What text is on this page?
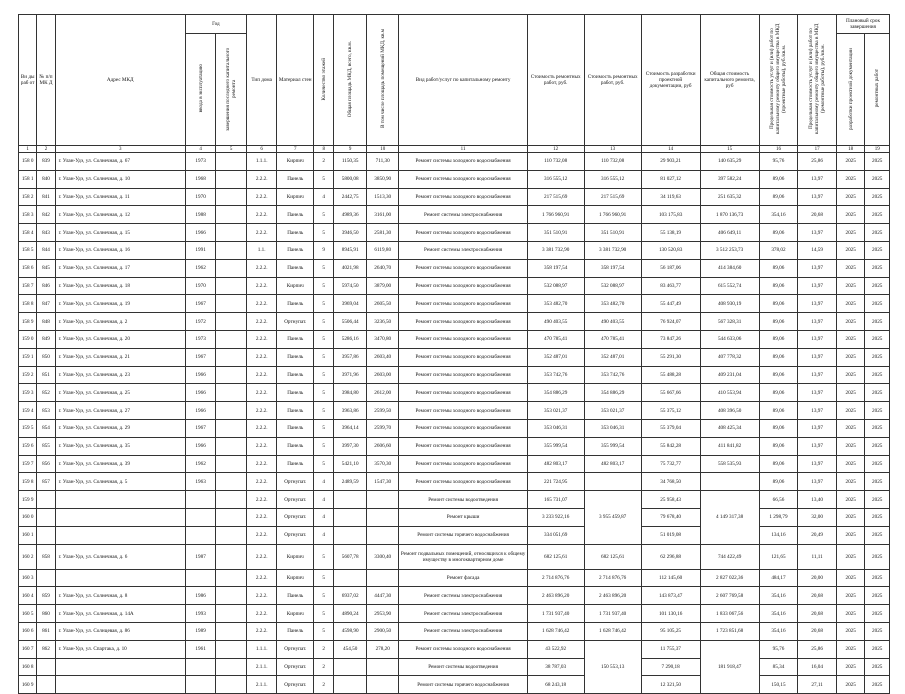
Ви ды раб от	№ п/п МК Д	Адрес МКД	Год		Тип дома	Материал стен	Количество этажей	Общая площадь МКД, всего, кв.м.	В том числе площадь помещений МКД, кв.м	Вид работ/услуг по капитальному ремонту	Стоимость ремонтных работ, руб.	Стоимость ремонтных работ, руб.	Стоимость разработки проектной документации, руб	Общая стоимость капитального ремонта, руб	Предельная стоимость услуг и (или) работ по капитальному ремонту общего имущества в МКД (проектные работы), руб./кв.м.	Предельная стоимость услуг и (или) работ по капитальному ремонту общего имущества в МКД (ремонтные работы), руб./кв.м.	Плановый срок завершения	
			ввода в эксплуатацию	завершения последнего капитального ремонта													разработки проектной документации	ремонтных работ
1	2	3	4	5	6	7	8	9	10	11	12	13	14	15	16	17	18	19
158 0	839	г. Улан-Удэ, ул. Солнечная, д. 67	1973		1.1.1.	Кирпич	2	1150,35	711,30	Ремонт системы холодного водоснабжения	110 732,08	110 732,08	29 903,21	140 635,29	95,76	25,86	2025	2025
158 1	840	г. Улан-Удэ, ул. Солнечная, д. 10	1968		2.2.2.	Панель	5	5800,08	3850,90	Ремонт системы холодного водоснабжения	316 555,12	316 555,12	81 027,12	397 582,24	89,06	13,97	2025	2025
158 2	841	г. Улан-Удэ, ул. Солнечная, д. 11	1970		2.2.2.	Кирпич	4	2442,75	1513,30	Ремонт системы холодного водоснабжения	217 515,69	217 515,69	34 119,63	251 635,32	89,06	13,97	2025	2025
158 3	842	г. Улан-Удэ, ул. Солнечная, д. 12	1988		2.2.2.	Панель	5	4989,36	3161,00	Ремонт системы электроснабжения	1 766 960,91	1 766 960,91	103 175,83	1 870 136,73	354,16	20,68	2025	2025
158 4	843	г. Улан-Удэ, ул. Солнечная, д. 15	1966		2.2.2.	Панель	5	3946,50	2581,30	Ремонт системы холодного водоснабжения	351 510,91	351 510,91	55 138,19	406 649,11	89,06	13,97	2025	2025
158 5	844	г. Улан-Удэ, ул. Солнечная, д. 16	1991		1.1.	Панель	9	8945,91	6119,80	Ремонт системы электроснабжения	3 381 732,90	3 381 732,90	130 520,83	3 512 253,73	378,02	14,59	2025	2025
158 6	845	г. Улан-Удэ, ул. Солнечная, д. 17	1962		2.2.2.	Панель	5	4021,98	2640,70	Ремонт системы холодного водоснабжения	358 197,54	358 197,54	56 187,06	414 384,60	89,06	13,97	2025	2025
158 7	846	г. Улан-Удэ, ул. Солнечная, д. 18	1970		2.2.2.	Кирпич	5	5974,50	3879,00	Ремонт системы холодного водоснабжения	532 088,97	532 088,97	83 463,77	615 552,74	89,06	13,97	2025	2025
158 8	847	г. Улан-Удэ, ул. Солнечная, д. 19	1967		2.2.2.	Панель	5	3969,04	2605,50	Ремонт системы холодного водоснабжения	353 482,70	353 482,70	55 447,49	408 930,19	89,06	13,97	2025	2025
158 9	848	г. Улан-Удэ, ул. Солнечная, д. 2	1972		2.2.2.	Opтнупат.	5	5506,44	3236,50	Ремонт системы холодного водоснабжения	490 403,55	490 403,55	76 924,07	567 328,31	89,06	13,97	2025	2025
159 0	849	г. Улан-Удэ, ул. Солнечная, д. 20	1973		2.2.2.	Панель	5	5286,16	3470,80	Ремонт системы холодного водоснабжения	470 785,41	470 785,41	73 847,26	544 633,06	89,06	13,97	2025	2025
159 1	850	г. Улан-Удэ, ул. Солнечная, д. 21	1967		2.2.2.	Панель	5	3957,86	2603,40	Ремонт системы холодного водоснабжения	352 487,01	352 487,01	55 291,30	407 778,32	89,06	13,97	2025	2025
159 2	851	г. Улан-Удэ, ул. Солнечная, д. 23	1966		2.2.2.	Панель	5	3971,96	2603,00	Ремонт системы холодного водоснабжения	353 742,76	353 742,76	55 488,28	409 231,04	89,06	13,97	2025	2025
159 3	852	г. Улан-Удэ, ул. Солнечная, д. 25	1966		2.2.2.	Панель	5	3984,80	2612,00	Ремонт системы холодного водоснабжения	354 886,29	354 886,29	55 667,66	410 553,94	89,06	13,97	2025	2025
159 4	853	г. Улан-Удэ, ул. Солнечная, д. 27	1966		2.2.2.	Панель	5	3963,86	2599,50	Ремонт системы холодного водоснабжения	353 021,37	353 021,37	55 375,12	408 396,50	89,06	13,97	2025	2025
159 5	854	г. Улан-Удэ, ул. Солнечная, д. 29	1967		2.2.2.	Панель	5	3964,14	2599,70	Ремонт системы холодного водоснабжения	353 046,31	353 046,31	55 379,04	408 425,34	89,06	13,97	2025	2025
159 6	855	г. Улан-Удэ, ул. Солнечная, д. 35	1966		2.2.2.	Панель	5	3997,30	2606,60	Ремонт системы холодного водоснабжения	355 999,54	355 999,54	55 842,28	411 841,82	89,06	13,97	2025	2025
159 7	856	г. Улан-Удэ, ул. Солнечная, д. 39	1962		2.2.2.	Панель	5	5421,10	3570,30	Ремонт системы холодного водоснабжения	482 803,17	482 803,17	75 732,77	558 535,93	89,06	13,97	2025	2025
159 8	857	г. Улан-Удэ, ул. Солнечная, д. 5	1963		2.2.2.	Opтнупат.	4	2489,59	1547,30	Ремонт системы холодного водоснабжения	221 724,95		34 768,50		89,06	13,97	2025	2025
159 9					2.2.2.	Opтнупат.	4			Ремонт системы водоотведения	165 731,07	3 955 459,87	25 958,43	4 149 317,38	66,56	13,40	2025	2025
160 0					2.2.2.	Opтнупат.	4			Ремонт крыши	3 233 922,16		79 678,40		1 298,79	32,00	2025	2025
160 1					2.2.2.	Opтнупат.	4			Ремонт системы горячего водоснабжения	334 051,69		51 019,08		134,16	20,49	2025	2025
160 2	858	г. Улан-Удэ, ул. Солнечная, д. 6	1987		2.2.2.	Кирпич	5	5607,78	3300,40	Ремонт подвальных помещений, относящихся к общему имуществу в многоквартирном доме	682 125,61	682 125,61	62 296,88	744 422,49	121,65	11,11	2025	2025
160 3					2.2.2.	Кирпич	5			Ремонт фасада	2 714 876,76	2 714 876,76	112 145,60	2 827 022,36	484,17	20,00	2025	2025
160 4	859	г. Улан-Удэ, ул. Солнечная, д. 8	1986		2.2.2.	Панель	5	6937,02	4447,30	Ремонт системы электроснабжения	2 463 896,20	2 463 896,20	143 873,47	2 607 769,58	354,16	20,68	2025	2025
160 5	860	г. Улан-Удэ, ул. Солнечная, д. 14А	1993		2.2.2.	Кирпич	5	4890,24	2953,90	Ремонт системы электроснабжения	1 731 937,40	1 731 937,40	101 130,16	1 833 067,56	354,16	20,68	2025	2025
160 6	861	г. Улан-Удэ, ул. Солнцевая, д. 86	1989		2.2.2.	Панель	5	4598,90	2900,50	Ремонт системы электроснабжения	1 628 746,42	1 628 746,42	95 105,25	1 723 851,68	354,16	20,68	2025	2025
160 7	862	г. Улан-Удэ, ул. Спартака, д. 10	1961		1.1.1.	Opтнупат.	2	454,50	278,20	Ремонт системы холодного водоснабжения	43 522,92	150 553,13	11 755,37	181 918,47	95,76	25,86	2025	2025
160 8					2.1.1.	Opтнупат.	2			Ремонт системы водоотведения	38 787,03		7 290,18		85,34	16,04	2025	2025
160 9					2.1.1.	Opтнупат.	2			Ремонт системы горячего водоснабжения	68 243,18		12 321,50		150,15	27,11	2025	2025
